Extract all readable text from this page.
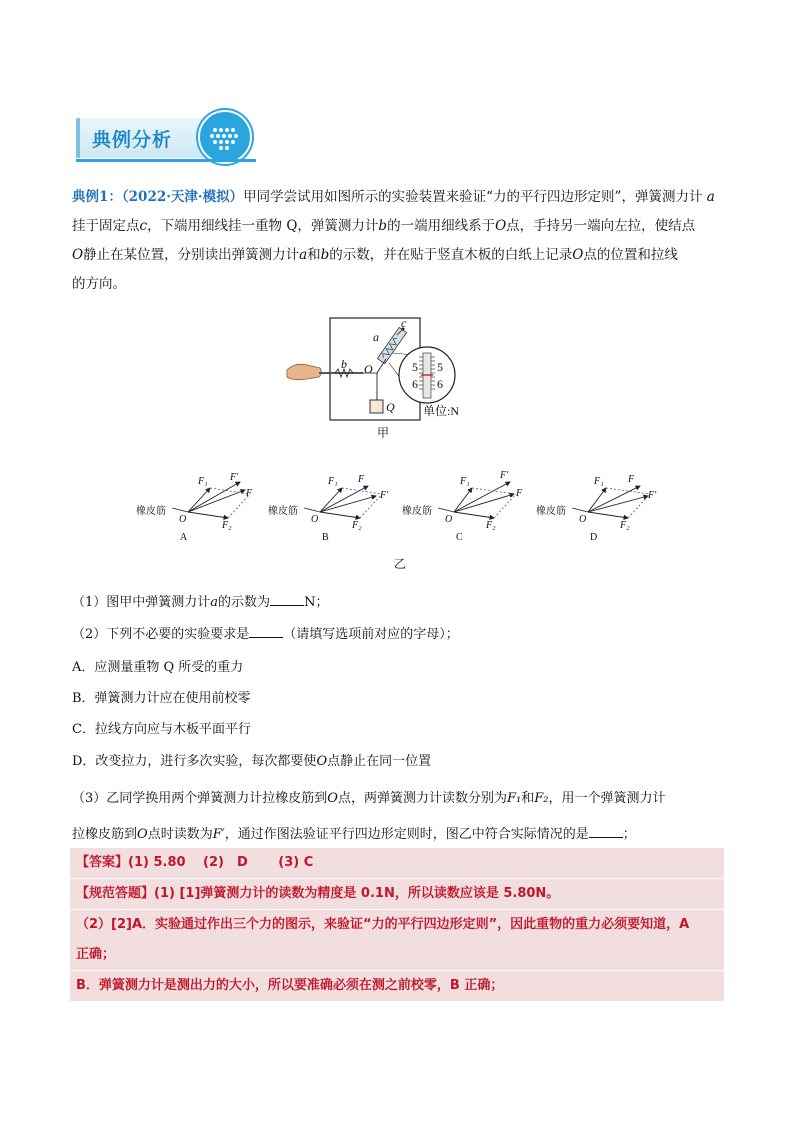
典例分析

典例1：（2022·天津·模拟）甲同学尝试用如图所示的实验装置来验证“力的平行四边形定则”，弹簧测力计 a

挂于固定点c，下端用细线挂一重物 Q，弹簧测力计b的一端用细线系于O点，手持另一端向左拉，使结点

O静止在某位置，分别读出弹簧测力计a和b的示数，并在贴于竖直木板的白纸上记录O点的位置和拉线

的方向。

5 5
6 6
a
c
b O
Q 单位:N
甲
橡皮筋
F₁ F′
F
F₂
O
A
橡皮筋
F₁ F
F′
F₂
O
B
橡皮筋
F₁
F′
F
F₂
O
C
橡皮筋
F₁ F
F′
F₂
O
D
乙
（1）图甲中弹簧测力计a的示数为	N；
（2）下列不必要的实验要求是	（请填写选项前对应的字母）；
A．应测量重物 Q 所受的重力
B．弹簧测力计应在使用前校零
C．拉线方向应与木板平面平行
D．改变拉力，进行多次实验，每次都要使O点静止在同一位置
（3）乙同学换用两个弹簧测力计拉橡皮筋到O点，两弹簧测力计读数分别为F₁和F₂，用一个弹簧测力计
拉橡皮筋到O点时读数为F′，通过作图法验证平行四边形定则时，图乙中符合实际情况的是	；
【答案】(1) 5.80　 (2)　D　 　(3) C
【规范答题】(1) [1]弹簧测力计的读数为精度是 0.1N，所以读数应该是 5.80N。
（2）[2]A．实验通过作出三个力的图示，来验证“力的平行四边形定则”，因此重物的重力必须要知道，A
正确；
B．弹簧测力计是测出力的大小，所以要准确必须在测之前校零，B 正确；
